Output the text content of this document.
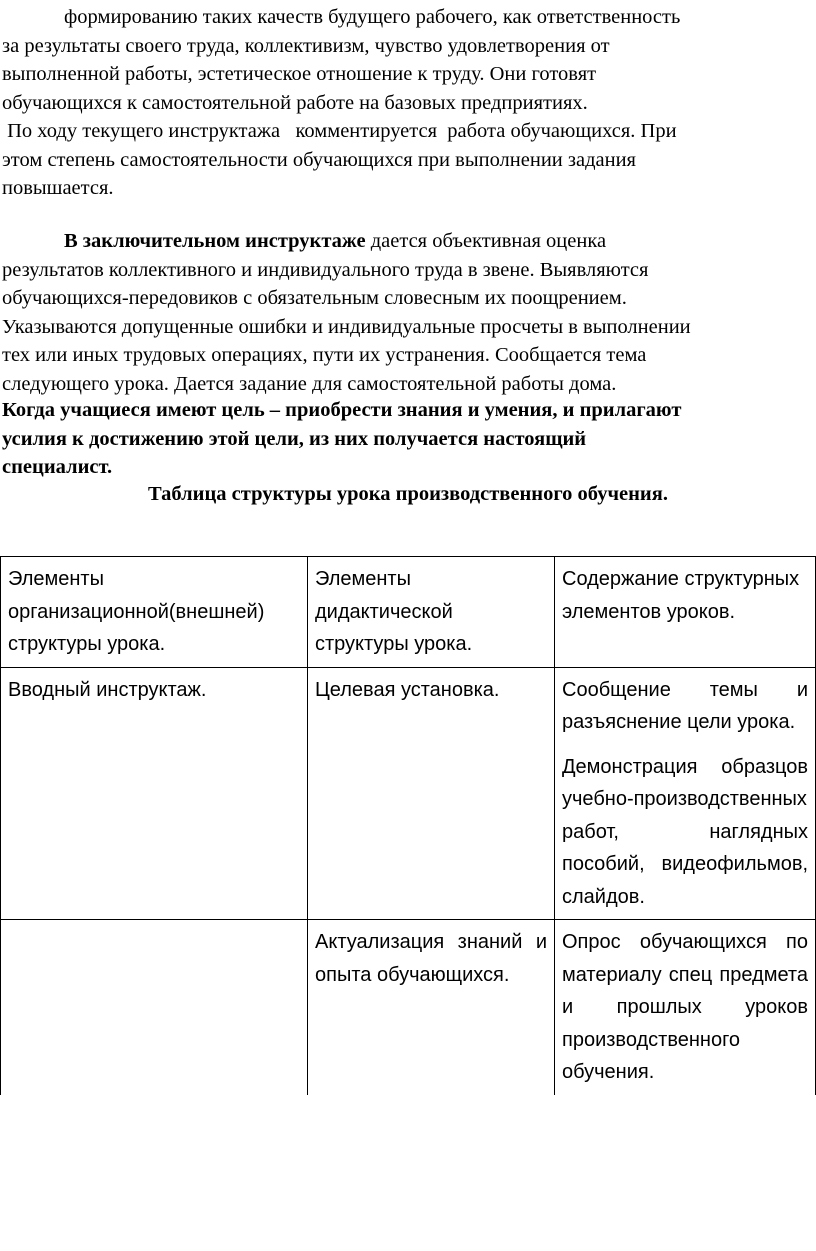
формированию таких качеств будущего рабочего, как ответственность
за результаты своего труда, коллективизм, чувство удовлетворения от
выполненной работы, эстетическое отношение к труду. Они готовят
обучающихся к самостоятельной работе на базовых предприятиях.
По ходу текущего инструктажа   комментируется  работа обучающихся. При
этом степень самостоятельности обучающихся при выполнении задания
повышается.
В заключительном инструктаже дается объективная оценка
результатов коллективного и индивидуального труда в звене. Выявляются
обучающихся-передовиков с обязательным словесным их поощрением.
Указываются допущенные ошибки и индивидуальные просчеты в выполнении
тех или иных трудовых операциях, пути их устранения. Сообщается тема
следующего урока. Дается задание для самостоятельной работы дома.
Когда учащиеся имеют цель – приобрести знания и умения, и прилагают
усилия к достижению этой цели, из них получается настоящий
специалист.
Таблица структуры урока производственного обучения.
Элементы организационной(внешней) структуры урока.	Элементы дидактической структуры урока.	Содержание структурных элементов уроков.
Вводный инструктаж.	Целевая установка.	Сообщение темы и разъяснение цели урока.
Демонстрация образцов учебно-производственных работ, наглядных пособий, видеофильмов, слайдов.

	Актуализация знаний и опыта обучающихся.	Опрос обучающихся по материалу спец предмета и прошлых уроков производственного обучения.
